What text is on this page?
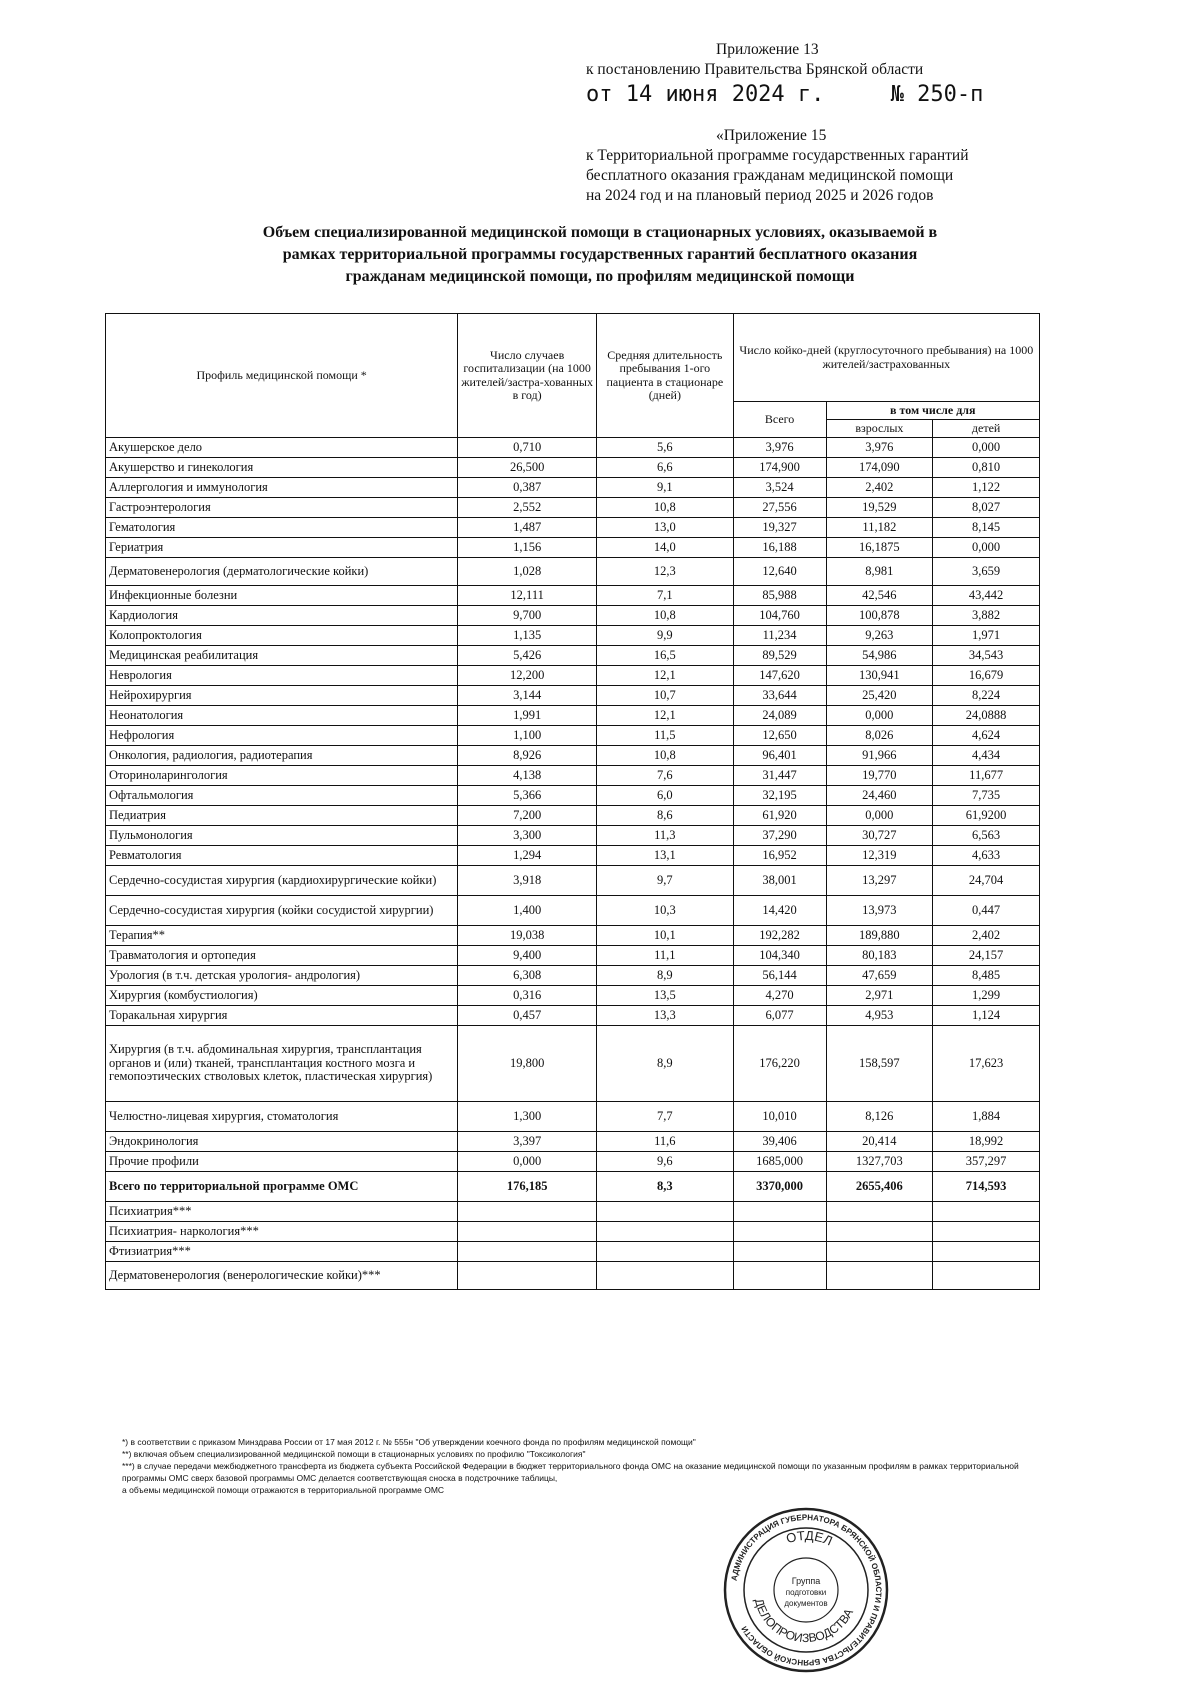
Приложение 13
к постановлению Правительства Брянской области
от 14 июня 2024 г.     № 250-п
«Приложение 15
к Территориальной программе государственных гарантий
бесплатного оказания гражданам медицинской помощи
на 2024 год и на плановый период 2025 и 2026 годов
Объем специализированной медицинской помощи в стационарных условиях, оказываемой в
рамках территориальной программы государственных гарантий бесплатного оказания
гражданам медицинской помощи, по профилям медицинской помощи
Профиль медицинской помощи *	Число случаев госпитализации (на 1000 жителей/застра-хованных в год)	Средняя длительность пребывания 1-ого пациента в стационаре (дней)	Число койко-дней (круглосуточного пребывания) на 1000 жителей/застрахованных		
			Всего	в том числе для	
				взрослых	детей
Акушерское дело	0,710	5,6	3,976	3,976	0,000
Акушерство и гинекология	26,500	6,6	174,900	174,090	0,810
Аллергология и иммунология	0,387	9,1	3,524	2,402	1,122
Гастроэнтерология	2,552	10,8	27,556	19,529	8,027
Гематология	1,487	13,0	19,327	11,182	8,145
Гериатрия	1,156	14,0	16,188	16,1875	0,000
Дерматовенерология (дерматологические койки)	1,028	12,3	12,640	8,981	3,659
Инфекционные болезни	12,111	7,1	85,988	42,546	43,442
Кардиология	9,700	10,8	104,760	100,878	3,882
Колопроктология	1,135	9,9	11,234	9,263	1,971
Медицинская реабилитация	5,426	16,5	89,529	54,986	34,543
Неврология	12,200	12,1	147,620	130,941	16,679
Нейрохирургия	3,144	10,7	33,644	25,420	8,224
Неонатология	1,991	12,1	24,089	0,000	24,0888
Нефрология	1,100	11,5	12,650	8,026	4,624
Онкология, радиология, радиотерапия	8,926	10,8	96,401	91,966	4,434
Оториноларингология	4,138	7,6	31,447	19,770	11,677
Офтальмология	5,366	6,0	32,195	24,460	7,735
Педиатрия	7,200	8,6	61,920	0,000	61,9200
Пульмонология	3,300	11,3	37,290	30,727	6,563
Ревматология	1,294	13,1	16,952	12,319	4,633
Сердечно-сосудистая хирургия (кардиохирургические койки)	3,918	9,7	38,001	13,297	24,704
Сердечно-сосудистая хирургия (койки сосудистой хирургии)	1,400	10,3	14,420	13,973	0,447
Терапия**	19,038	10,1	192,282	189,880	2,402
Травматология и ортопедия	9,400	11,1	104,340	80,183	24,157
Урология (в т.ч. детская урология- андрология)	6,308	8,9	56,144	47,659	8,485
Хирургия (комбустиология)	0,316	13,5	4,270	2,971	1,299
Торакальная хирургия	0,457	13,3	6,077	4,953	1,124
Хирургия (в т.ч. абдоминальная хирургия, трансплантация органов и (или) тканей, трансплантация костного мозга и гемопоэтических стволовых клеток, пластическая хирургия)	19,800	8,9	176,220	158,597	17,623
Челюстно-лицевая хирургия, стоматология	1,300	7,7	10,010	8,126	1,884
Эндокринология	3,397	11,6	39,406	20,414	18,992
Прочие профили	0,000	9,6	1685,000	1327,703	357,297
Всего по территориальной программе ОМС	176,185	8,3	3370,000	2655,406	714,593
Психиатрия***					
Психиатрия- наркология***					
Фтизиатрия***					
Дерматовенерология (венерологические койки)***					
*) в соответствии с приказом Минздрава России от 17 мая 2012 г. № 555н "Об утверждении коечного фонда по профилям медицинской помощи"
**) включая объем специализированной медицинской помощи в стационарных условиях по профилю "Токсикология"
***) в случае передачи межбюджетного трансферта из бюджета субъекта Российской Федерации в бюджет территориального фонда ОМС на оказание медицинской помощи по указанным профилям в рамках территориальной программы ОМС сверх базовой программы ОМС делается соответствующая сноска в подстрочнике таблицы,
а объемы медицинской помощи отражаются в территориальной программе ОМС
АДМИНИСТРАЦИЯ ГУБЕРНАТОРА БРЯНСКОЙ ОБЛАСТИ И ПРАВИТЕЛЬСТВА БРЯНСКОЙ ОБЛАСТИ
ОТДЕЛ
ДЕЛОПРОИЗВОДСТВА
Группа
подготовки
документов
